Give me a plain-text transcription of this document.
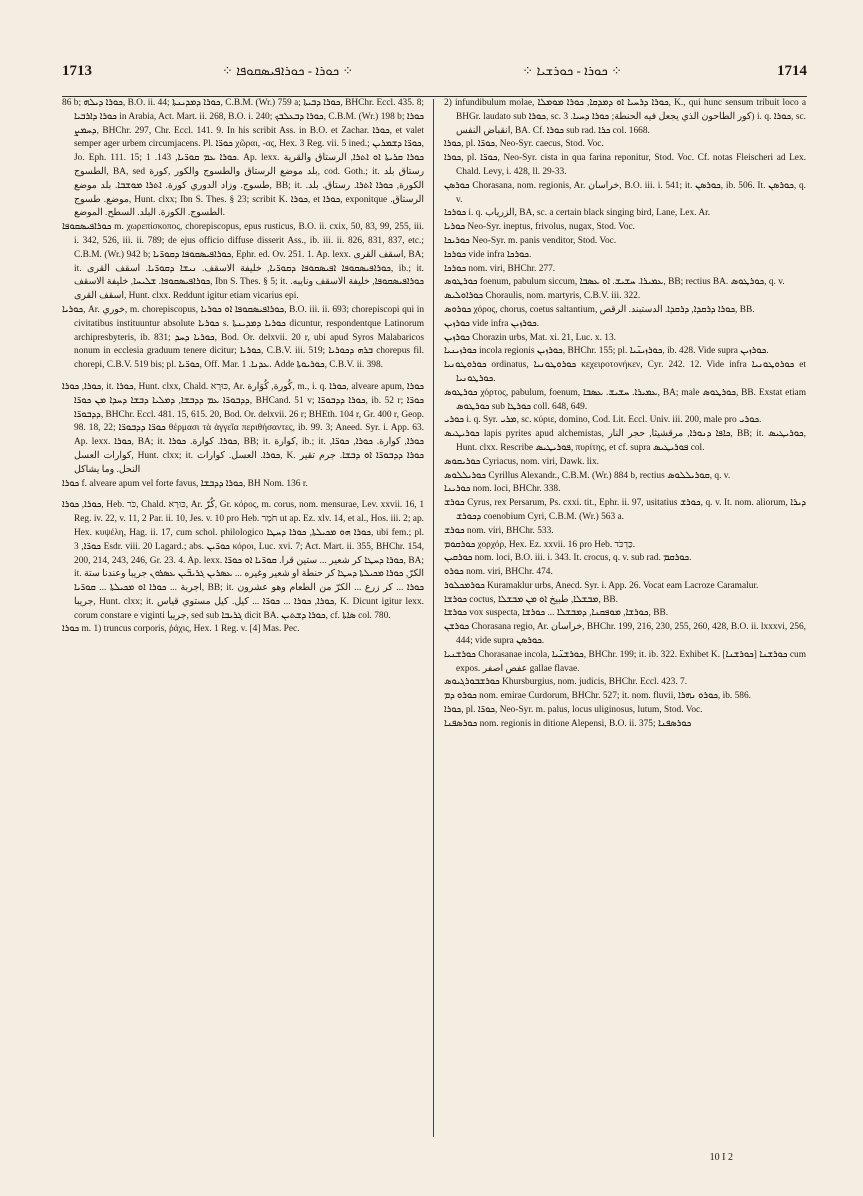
1713	⁘ ܟܘܪܐ - ܟܘܪܐܦܝܣܩܘܦܐ ⁘	⁘ ܟܘܪܐ - ܟܘܪܫܝܐ ⁘	1714

86 b; ܟܘܪܐ ܕܝܠܗ, B.O. ii. 44; ܟܘܪܐ ܕܡܕܝܢܬܐ, C.B.M. (Wr.) 759 a; ܟܘܪܐ ܕܒܝܬܐ, BHChr. Eccl. 435. 8; ܟܘܪܐ ܕܐܪܒܝܐ in Arabia, Act. Mart. ii. 268, B.O. i. 240; ܟܘܪܐ ܕܒܥܠܒܟ, C.B.M. (Wr.) 198 b; ܟܘܪܐ ܕܚܡܨ, BHChr. 297, Chr. Eccl. 141. 9. In his scribit Ass. in B.O. et Zachar. ܟܘܪܐ, et valet semper ager urbem circumjacens. Pl. ܟܘܪ̈ܐ χῶραι, -ας, Hex. 3 Reg. vii. 5 ined.; ܟܘܪ̈ܐ ܕܫܡܪܝܢ, Jo. Eph. 111. 15; ܟܘܪܐ ܥܡ ܩܘܪ̈ܝܐ, 143. 1. Ap. lexx. ܟܘܪܐ ܩܪܝܬܐ ܐܘ ܐܬܪܐ, الرستاق والقرية الطسوج, BA, sed بلد موضع الرستاق والطسوج والكور ,كورة, cod. Goth.; it. رستاق بلد طسوج. وزاد الدوري كورة. ܐܬܪܐ ܡܘܫܒܐ. بلد موضع, BB; it. الكورة, ܟܘܪܐ ܐܬܪܐ. رستاق. بلد. موضع. طسوج, Hunt. clxx; Ibn S. Thes. § 23; scribit K. ܟܘܪܐ, et ܟܘܪܐ, exponitque الرستاق. الطسوج. الكورة. البلد. السطح. الموضع.

ܟܘܪܐܦܝܣܩܘܦܐ m. χωρεπίσκοπος, chorepiscopus, epus rusticus, B.O. ii. cxix, 50, 83, 99, 255, iii. i. 342, 526, iii. ii. 789; de ejus officio diffuse disserit Ass., ib. iii. ii. 826, 831, 837, etc.; C.B.M. (Wr.) 942 b; ܟܘܪܐܦܝܣܩܘܦܐ ܕܩܘܪ̈ܝܐ, Ephr. ed. Ov. 251. 1. Ap. lexx. اسقف القرى, BA; it. ܟܘܪܐܦܝܣܩܘܦܐ ܐܦܝܣܩܘܦܐ ܕܩܘܪ̈ܝܐ, خليفة الاسقف. ܢܝܫܐ ܕܩܘܪ̈ܝܐ. اسقف القرى, ib.; it. ܟܘܪܐܦܝܣܩܘܦܐ. ܫܠܝܚܐ, خليفة الاسقف, Ibn S. Thes. § 5; it. ܟܘܪܐܦܝܣܩܘܦܐ, خليفة الاسقف ونايبه. اسقف القرى, Hunt. clxx. Reddunt igitur etiam vicarius epi.

ܟܘܪܝܐ, Ar. خوري, m. chorepiscopus, ܟܘܪܐܦܝܣܩܘܦܐ ܐܘ ܟܘܪܝܐ, B.O. iii. ii. 693; chorepiscopi qui in civitatibus instituuntur absolute ܟܘܪܝܐ s. ܟܘܪܝܐ ܕܡܕܝܢܬܐ dicuntur, respondentque Latinorum archipresbyteris, ib. 831; ܟܘܪܝܐ ܕܚܕ, Bod. Or. delxvii. 20 r, ubi apud Syros Malabaricos nonum in ecclesia graduum tenere dicitur; ܟܘܪܝܐ, C.B.V. iii. 519; ܒܪܗ ܕܟܘܪܝܐ chorepus fil. chorepi, C.B.V. 519 bis; pl. ܟܘܪ̈ܝܐ, Off. Mar. ܥܕܢܐ. 1. Adde ܟܘܪܝܘܬܐ, C.B.V. ii. 398.

ܟܘܪܐ, ܟܘܪܐ, it. ܟܘܪܐ, Hunt. clxx, Chald. כּוּרָא, Ar. كُورة, كُوَارة, m., i. q. ܟܘܪܐ, alveare apum, ܟܘܪܐ ܕܕܒܘܪ̈ܐ ܥܡ ܕܕܒܫܐ, ܕܡܠܝܐ ܕܒܫܐ ܕܚܕܐ ܡܢ ܟܘܪ̈ܐ, BHCand. 51 v; ܟܘܪܐ ܕܕܒܘܪ̈ܐ, ib. 52 r; ܟܘܪ̈ܐ ܕܕܒܘܪ̈ܐ, BHChr. Eccl. 481. 15, 615. 20, Bod. Or. delxvii. 26 r; BHEth. 104 r, Gr. 400 r, Geop. 98. 18, 22; ܟܘܪ̈ܐ ܕܕܒܘܪ̈ܐ θέρμασι τὰ ἀγγεῖα περιθήσαντες, ib. 99. 3; Aneed. Syr. i. App. 63. Ap. lexx. ܟܘܪܐ, BA; it. ܟܘܪܐ. كوارة. ܟܘܪܐ, BB; it. كوارة, ib.; it. ܟܘܪܐ, كوارة. ܟܘܪܐ, ܟܘܪ̈ܐ, كوارات العسل, Hunt. clxx; it. ܟܘܪܐ. العسل. كوارات, K. ܟܘܪܐ ܕܕܒܘܪ̈ܐ ܐܘ ܕܒܫܐ. جرم تقير النحل. وما يشاكل

ܟܘܪܐ f. alveare apum vel forte favus, ܟܘܪܐ ܕܕܒܫܐ, BH Nom. 136 r.

ܟܘܪܐ, ܟܘܪܐ, Heb. כֹּר, Chald. כּוּרָא, Ar. كُرّ, Gr. κόρος, m. corus, nom. mensurae, Lev. xxvii. 16, 1 Reg. iv. 22, v. 11, 2 Par. ii. 10, Jes. v. 10 pro Heb. חֹמֶר ut ap. Ez. xlv. 14, et al., Hos. iii. 2; ap. Hex. κυψέλη, Hag. ii. 17, cum schol. philologico ܟܘܪܐ ܗܘ ܡܟܝܠܬܐ, ܟܘܪܐ ܕܚܛܐ, ubi fem.; pl. ܟܘܪ̈ܐ, 3 Esdr. viii. 20 Lagard.; abs. ܟܘܪ̈ܝܢ κόροι, Luc. xvi. 7; Act. Mart. ii. 355, BHChr. 154, 200, 214, 243, 246, Gr. 23. 4. Ap. lexx. ܟܘܪܐ ܕܚܛܐ كر شعير ... ستين قرا. ܩܘܪ̈ܝܐ ܐܘ ܟܘܪ̈ܐ, BA; it. الكرّ, ܟܘܪܐ ܡܟܝܠܬܐ ܕܚܛܐ كر حنطة او شعير وغيره ... ܥܣܪܝܢ ܓܪܝܒ̈ܝܢ ܥܣܪܘܢ جريبا وعندنا ستة اجربة ... ܟܘܪܐ ܐܘ ܡܟܝܠܬܐ ... ܩܘܪ̈ܝܐ, BB; it. ܟܘܪܐ ... كر زرع ... الكرّ من الطعام وهو عشرون جريبا, Hunt. clxx; it. ܟܘܪܐ, ܟܘܪܐ ... ܟܘܪ̈ܐ ... كيل. كيل مستوي قياس, K. Dicunt igitur lexx. corum constare e viginti جريبا, sed sub ܓܪܝܒܐ dicit BA. ܟܘܪܐ ܕܫܬܝܢ, cf. ܣܐܬܐ col. 780.

ܟܘܪܐ m. 1) truncus corporis, ῥάχις, Hex. 1 Reg. v. [4] Mas. Pec.

2) infundibulum molae, ܟܘܪܐ ܕܪܚܝܐ ܐܘ ܕܡܕܩܐ, ܟܘܪܐ ܡܘܡܠܐ, K., qui hunc sensum tribuit loco a BHGr. laudato sub ܟܘܪܐ, sc. كور الطاحون الذي يجعل فيه الحنطة; ܟܘܪܐ ܕܚܝܐ. 3) i. q. ܟܘܪܐ, sc. انقباض النفس, BA. Cf. ܟܘܪܐ sub rad. ܟܪܐ col. 1668.

ܟܘܪܐ, pl. ܟܘܪ̈ܐ, Neo-Syr. caecus, Stod. Voc.

ܟܘܪܐ, pl. ܟܘܪ̈ܐ, Neo-Syr. cista in qua farina reponitur, Stod. Voc. Cf. notas Fleischeri ad Lex. Chald. Levy, i. 428, ll. 29-33.

ܟܘܪܣܢ Chorasana, nom. regionis, Ar. خراسان, B.O. iii. i. 541; it. ܟܘܪܣܢ, ib. 506. It. ܟܘܪܣܢ, q. v.

ܟܘܪܟܐ i. q. الزرياب, BA, sc. a certain black singing bird, Lane, Lex. Ar.

ܟܘܪܝܐ Neo-Syr. ineptus, frivolus, nugax, Stod. Voc.

ܟܘܪܝܟܐ Neo-Syr. m. panis venditor, Stod. Voc.

ܟܘܪܟܐ vide infra ܟܘܪܟܐ.

ܟܘܪܟܐ nom. viri, BHChr. 277.

ܟܘܪܛܘܣ foenum, pabulum siccum, ܥܡܝܪܐ. ܚܫܝܫ. ܐܘ ܥܣܒܐ, BB; rectius BA. ܟܘܪܛܘܣ, q. v.

ܟܘܪܐܘܠܝܣ Choraulis, nom. martyris, C.B.V. iii. 322.

ܟܘܪܘܣ χόρος, chorus, coetus saltantium, ܟܘܪܐ ܕܪܩܕܐ, ܕܪܩܕܐ. الدستبند. الرقص, BB.

ܟܘܪܙܝܢ vide infra ܟܘܪܙܝܢ.

ܟܘܪܙܝܢ Chorazin urbs, Mat. xi. 21, Luc. x. 13.

ܟܘܪܙܝܢܝܐ incola regionis ܟܘܪܙܝܢ, BHChr. 155; pl. ܟܘܪܙܝܢ̈ܝܐ, ib. 428. Vide supra ܟܘܪܙܝܢ.

ܟܘܪܘܛܘܢܝܐ ordinatus, ܟܘܪܘܛܘܢܝܐ κεχειροτονήκεν, Cyr. 242. 12. Vide infra ܟܘܪܘܛܘܢܝܐ et ܟܘܪܛܘܢܝܐ.

ܟܘܪܛܘܣ χόρτος, pabulum, foenum, ܥܡܝܪܐ. ܚܫܝܫ. ܥܣܒܐ, BA; male ܟܘܪܛܘܣ, BB. Exstat etiam ܟܘܪܛܘܣ sub ܟܘܪܛܐ coll. 648, 649.

ܟܘܪܝ i. q. Syr. ܡܪܝ, sc. κύριε, domino, Cod. Lit. Eccl. Univ. iii. 200, male pro ܟܘܪܝ.

ܟܘܪܝܛܝܣ lapis pyrites apud alchemistas, ܟܐܦܐ ܕܢܘܪܐ, مرقشيثا, حجر النار, BB; it. ܟܘܪܝܛܝܣ, Hunt. clxx. Rescribe ܦܘܪܝܛܝܣ, πυρίτης, et cf. supra ܦܘܪܝܛܝܣ col.

ܟܘܪܝܩܘܣ Cyriacus, nom. viri, Dawk. lix.

ܟܘܪܝܠܠܘܣ Cyrillus Alexandr., C.B.M. (Wr.) 884 b, rectius ܩܘܪܝܠܠܘܣ, q. v.

ܟܘܪܝܢܐ nom. loci, BHChr. 338.

ܟܘܪܫ Cyrus, rex Persarum, Ps. cxxi. tit., Ephr. ii. 97, usitatius ܟܘܪܫ, q. v. It. nom. aliorum, ܕܝܪܐ ܕܟܘܪܫ coenobium Cyri, C.B.M. (Wr.) 563 a.

ܟܘܪܫ nom. viri, BHChr. 533.

ܟܘܪܩܘܡ χορχόρ, Hex. Ez. xxvii. 16 pro Heb. כַּדְכֹּד.

ܟܘܪܩܝܢ nom. loci, B.O. iii. i. 343. It. crocus, q. v. sub rad. ܟܘܪܩܡ.

ܟܘܪܘ nom. viri, BHChr. 474.

ܟܘܪܡܟܠܘܪ Kuramaklur urbs, Anecd. Syr. i. App. 26. Vocat eam Lacroze Caramalur.

ܟܘܪܫܐ coctus, ܡܒܫܠܐ, طبيخ ܐܘ ܡܢ ܡܒܫܠܐ, BB.

ܟܘܪܫܐ vox suspecta, ܟܘܪܫܐ, ܡܘܦܩܢܐ, ܕܡܒܫܠܐ ... ܟܘܪܫܐ, BB.

ܟܘܪܫܢ Chorasana regio, Ar. خراسان, BHChr. 199, 216, 230, 255, 260, 428, B.O. ii. lxxxvi, 256, 444; vide supra ܟܘܪܣܢ.

ܟܘܪܫܢܝܐ Chorasanae incola, ܟܘܪܫܢ̈ܝܐ, BHChr. 199; it. ib. 322. Exhibet K. ܟܘܪܫܢܐ [ܟܘܪܫܢܐ] cum expos. عفص اصفر gallae flavae.

ܟܘܪܫܒܘܪܓܝܘܣ Khursburgius, nom. judicis, BHChr. Eccl. 423. 7.

ܟܘܪܘ ܕܡ nom. emirae Curdorum, BHChr. 527; it. nom. fluvii, ܟܘܪܘ ܢܗܪܐ, ib. 586.

ܟܘܪܐ, pl. ܟܘܪ̈ܐ, Neo-Syr. m. palus, locus uliginosus, lutum, Stod. Voc.

ܟܘܪܣܦܢܐ nom. regionis in ditione Alepensi, B.O. ii. 375; ܟܘܪܣܦܢܐ

10 I 2
